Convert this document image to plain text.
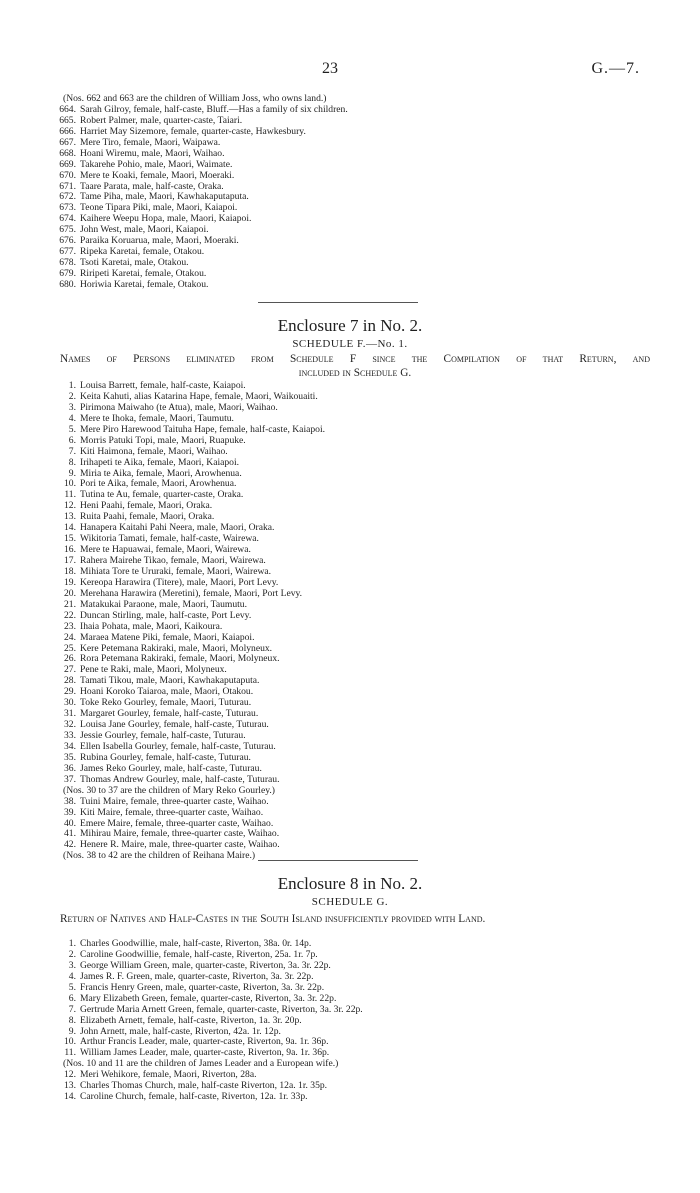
23	G.—7.
(Nos. 662 and 663 are the children of William Joss, who owns land.)
664. Sarah Gilroy, female, half-caste, Bluff.—Has a family of six children.
665. Robert Palmer, male, quarter-caste, Taiari.
666. Harriet May Sizemore, female, quarter-caste, Hawkesbury.
667. Mere Tiro, female, Maori, Waipawa.
668. Hoani Wiremu, male, Maori, Waihao.
669. Takarehe Pohio, male, Maori, Waimate.
670. Mere te Koaki, female, Maori, Moeraki.
671. Taare Parata, male, half-caste, Oraka.
672. Tame Piha, male, Maori, Kawhakaputaputa.
673. Teone Tipara Piki, male, Maori, Kaiapoi.
674. Kaihere Weepu Hopa, male, Maori, Kaiapoi.
675. John West, male, Maori, Kaiapoi.
676. Paraika Koruarua, male, Maori, Moeraki.
677. Ripeka Karetai, female, Otakou.
678. Tsoti Karetai, male, Otakou.
679. Riripeti Karetai, female, Otakou.
680. Horiwia Karetai, female, Otakou.
Enclosure 7 in No. 2.
SCHEDULE F.—No. 1.
Names of Persons eliminated from Schedule F since the Compilation of that Return, and
included in Schedule G.
1. Louisa Barrett, female, half-caste, Kaiapoi.
2. Keita Kahuti, alias Katarina Hape, female, Maori, Waikouaiti.
3. Pirimona Maiwaho (te Atua), male, Maori, Waihao.
4. Mere te Ihoka, female, Maori, Taumutu.
5. Mere Piro Harewood Taituha Hape, female, half-caste, Kaiapoi.
6. Morris Patuki Topi, male, Maori, Ruapuke.
7. Kiti Haimona, female, Maori, Waihao.
8. Irihapeti te Aika, female, Maori, Kaiapoi.
9. Miria te Aika, female, Maori, Arowhenua.
10. Pori te Aika, female, Maori, Arowhenua.
11. Tutina te Au, female, quarter-caste, Oraka.
12. Heni Paahi, female, Maori, Oraka.
13. Ruita Paahi, female, Maori, Oraka.
14. Hanapera Kaitahi Pahi Neera, male, Maori, Oraka.
15. Wikitoria Tamati, female, half-caste, Wairewa.
16. Mere te Hapuawai, female, Maori, Wairewa.
17. Rahera Mairehe Tikao, female, Maori, Wairewa.
18. Mihiata Tore te Ururaki, female, Maori, Wairewa.
19. Kereopa Harawira (Titere), male, Maori, Port Levy.
20. Merehana Harawira (Meretini), female, Maori, Port Levy.
21. Matakukai Paraone, male, Maori, Taumutu.
22. Duncan Stirling, male, half-caste, Port Levy.
23. Ihaia Pohata, male, Maori, Kaikoura.
24. Maraea Matene Piki, female, Maori, Kaiapoi.
25. Kere Petemana Rakiraki, male, Maori, Molyneux.
26. Rora Petemana Rakiraki, female, Maori, Molyneux.
27. Pene te Raki, male, Maori, Molyneux.
28. Tamati Tikou, male, Maori, Kawhakaputaputa.
29. Hoani Koroko Taiaroa, male, Maori, Otakou.
30. Toke Reko Gourley, female, Maori, Tuturau.
31. Margaret Gourley, female, half-caste, Tuturau.
32. Louisa Jane Gourley, female, half-caste, Tuturau.
33. Jessie Gourley, female, half-caste, Tuturau.
34. Ellen Isabella Gourley, female, half-caste, Tuturau.
35. Rubina Gourley, female, half-caste, Tuturau.
36. James Reko Gourley, male, half-caste, Tuturau.
37. Thomas Andrew Gourley, male, half-caste, Tuturau.
(Nos. 30 to 37 are the children of Mary Reko Gourley.)
38. Tuini Maire, female, three-quarter caste, Waihao.
39. Kiti Maire, female, three-quarter caste, Waihao.
40. Emere Maire, female, three-quarter caste, Waihao.
41. Mihirau Maire, female, three-quarter caste, Waihao.
42. Henere R. Maire, male, three-quarter caste, Waihao.
(Nos. 38 to 42 are the children of Reihana Maire.)
Enclosure 8 in No. 2.
SCHEDULE G.
Return of Natives and Half-Castes in the South Island insufficiently provided with Land.
1. Charles Goodwillie, male, half-caste, Riverton, 38a. 0r. 14p.
2. Caroline Goodwillie, female, half-caste, Riverton, 25a. 1r. 7p.
3. George William Green, male, quarter-caste, Riverton, 3a. 3r. 22p.
4. James R. F. Green, male, quarter-caste, Riverton, 3a. 3r. 22p.
5. Francis Henry Green, male, quarter-caste, Riverton, 3a. 3r. 22p.
6. Mary Elizabeth Green, female, quarter-caste, Riverton, 3a. 3r. 22p.
7. Gertrude Maria Arnett Green, female, quarter-caste, Riverton, 3a. 3r. 22p.
8. Elizabeth Arnett, female, half-caste, Riverton, 1a. 3r. 20p.
9. John Arnett, male, half-caste, Riverton, 42a. 1r. 12p.
10. Arthur Francis Leader, male, quarter-caste, Riverton, 9a. 1r. 36p.
11. William James Leader, male, quarter-caste, Riverton, 9a. 1r. 36p.
(Nos. 10 and 11 are the children of James Leader and a European wife.)
12. Meri Wehikore, female, Maori, Riverton, 28a.
13. Charles Thomas Church, male, half-caste Riverton, 12a. 1r. 35p.
14. Caroline Church, female, half-caste, Riverton, 12a. 1r. 33p.
